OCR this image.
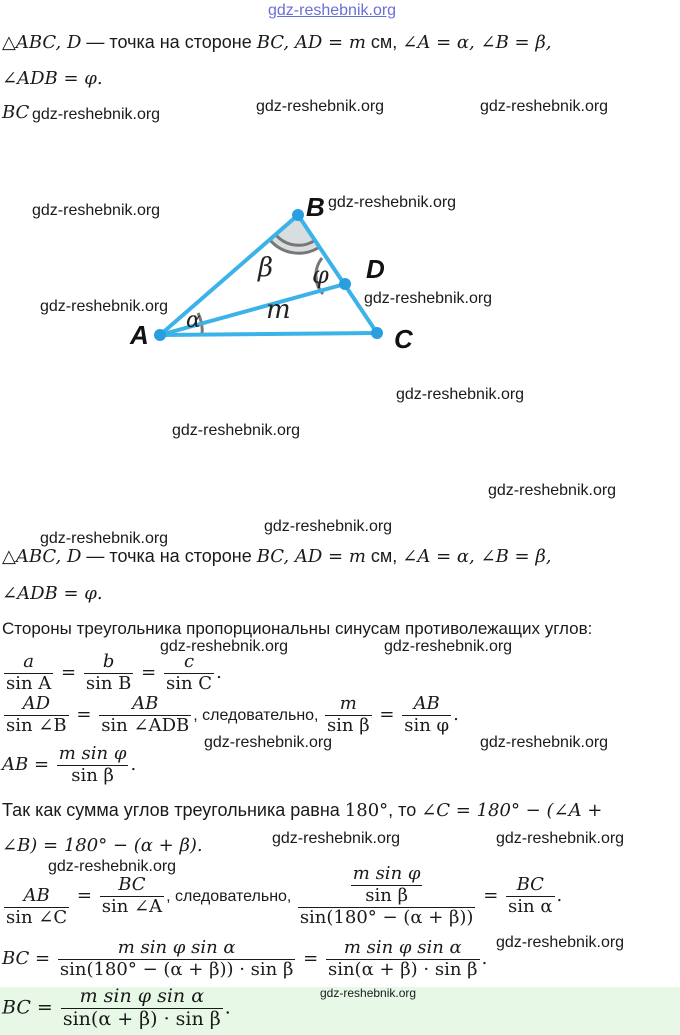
gdz-reshebnik.org
△ABC, D — точка на стороне BC, AD = m см, ∠A = α, ∠B = β,
∠ADB = φ.
BC
A
B
C
D
β φ
α	m
△ABC, D — точка на стороне BC, AD = m см, ∠A = α, ∠B = β,
∠ADB = φ.
Стороны треугольника пропорциональны синусам противолежащих углов:
$\frac{a}{\text{sin A}} = \frac{b}{\text{sin B}} = \frac{c}{\text{sin C}}$ .
$\frac{AD}{\sin \angle B} = \frac{AB}{\text{sin ∠ADB}}$ , следовательно, $\frac{m}{\text{sin β}} = \frac{AB}{\text{sin φ}}$ .
AB = $\frac{\text{m sin φ}}{\text{sin β}}$ .
Так как сумма углов треугольника равна 180°, то ∠C = 180° − (∠A +
∠B) = 180° − (α + β).
$\frac{AB}{\sin \angle C} = \frac{BC}{\sin \angle A}$ , следовательно, $\frac{\frac{\text{m sin φ}}{\text{sin β}}}{\sin(180^\circ - (\alpha + \beta))} = \frac{BC}{\text{sin α}}$ .
BC = $\frac{\text{m sin φ sin α}}{\text{sin(180° − (α + β)) · sin β}} = \frac{\text{m sin φ sin α}}{\text{sin(α + β) · sin β}}$ .
BC = $\frac{\text{m sin φ sin α}}{\text{sin(α + β) · sin β}}$ .
gdz-reshebnik.org	gdz-reshebnik.org	gdz-reshebnik.org
gdz-reshebnik.org	gdz-reshebnik.org
gdz-reshebnik.org	gdz-reshebnik.org
gdz-reshebnik.org
gdz-reshebnik.org
gdz-reshebnik.org
gdz-reshebnik.org
gdz-reshebnik.org
gdz-reshebnik.org	gdz-reshebnik.org
gdz-reshebnik.org	gdz-reshebnik.org
gdz-reshebnik.org	gdz-reshebnik.org
gdz-reshebnik.org
gdz-reshebnik.org
gdz-reshebnik.org
